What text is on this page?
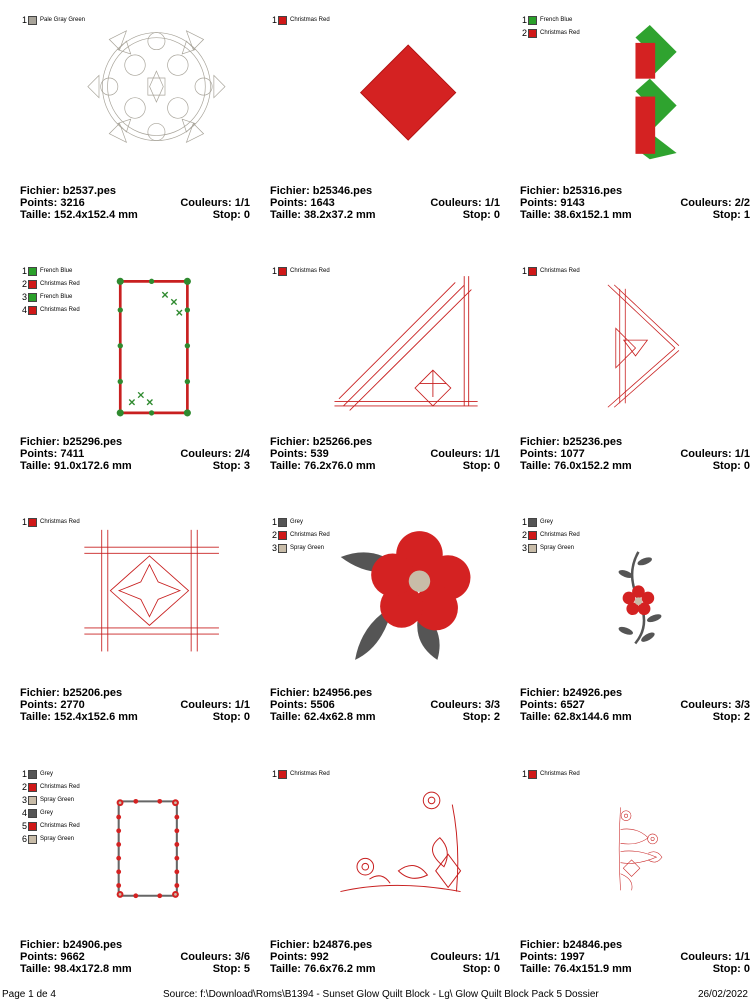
1 Pale Gray Green
Fichier: b2537.pes
Points: 3216	Couleurs: 1/1
Taille: 152.4x152.4 mm	Stop: 0
1 Christmas Red
Fichier: b25346.pes
Points: 1643	Couleurs: 1/1
Taille: 38.2x37.2 mm	Stop: 0
1 French Blue
2 Christmas Red
Fichier: b25316.pes
Points: 9143	Couleurs: 2/2
Taille: 38.6x152.1 mm	Stop: 1
1 French Blue
2 Christmas Red
3 French Blue
4 Christmas Red
Fichier: b25296.pes
Points: 7411	Couleurs: 2/4
Taille: 91.0x172.6 mm	Stop: 3
1 Christmas Red
Fichier: b25266.pes
Points: 539	Couleurs: 1/1
Taille: 76.2x76.0 mm	Stop: 0
1 Christmas Red
Fichier: b25236.pes
Points: 1077	Couleurs: 1/1
Taille: 76.0x152.2 mm	Stop: 0
1 Christmas Red
Fichier: b25206.pes
Points: 2770	Couleurs: 1/1
Taille: 152.4x152.6 mm	Stop: 0
1 Grey
2 Christmas Red
3 Spray Green
Fichier: b24956.pes
Points: 5506	Couleurs: 3/3
Taille: 62.4x62.8 mm	Stop: 2
1 Grey
2 Christmas Red
3 Spray Green
Fichier: b24926.pes
Points: 6527	Couleurs: 3/3
Taille: 62.8x144.6 mm	Stop: 2
1 Grey
2 Christmas Red
3 Spray Green
4 Grey
5 Christmas Red
6 Spray Green
Fichier: b24906.pes
Points: 9662	Couleurs: 3/6
Taille: 98.4x172.8 mm	Stop: 5
1 Christmas Red
Fichier: b24876.pes
Points: 992	Couleurs: 1/1
Taille: 76.6x76.2 mm	Stop: 0
1 Christmas Red
Fichier: b24846.pes
Points: 1997	Couleurs: 1/1
Taille: 76.4x151.9 mm	Stop: 0
Page 1 de 4	Source: f:\Download\Roms\B1394 - Sunset Glow Quilt Block - Lg\ Glow Quilt Block Pack 5 Dossier	26/02/2022
